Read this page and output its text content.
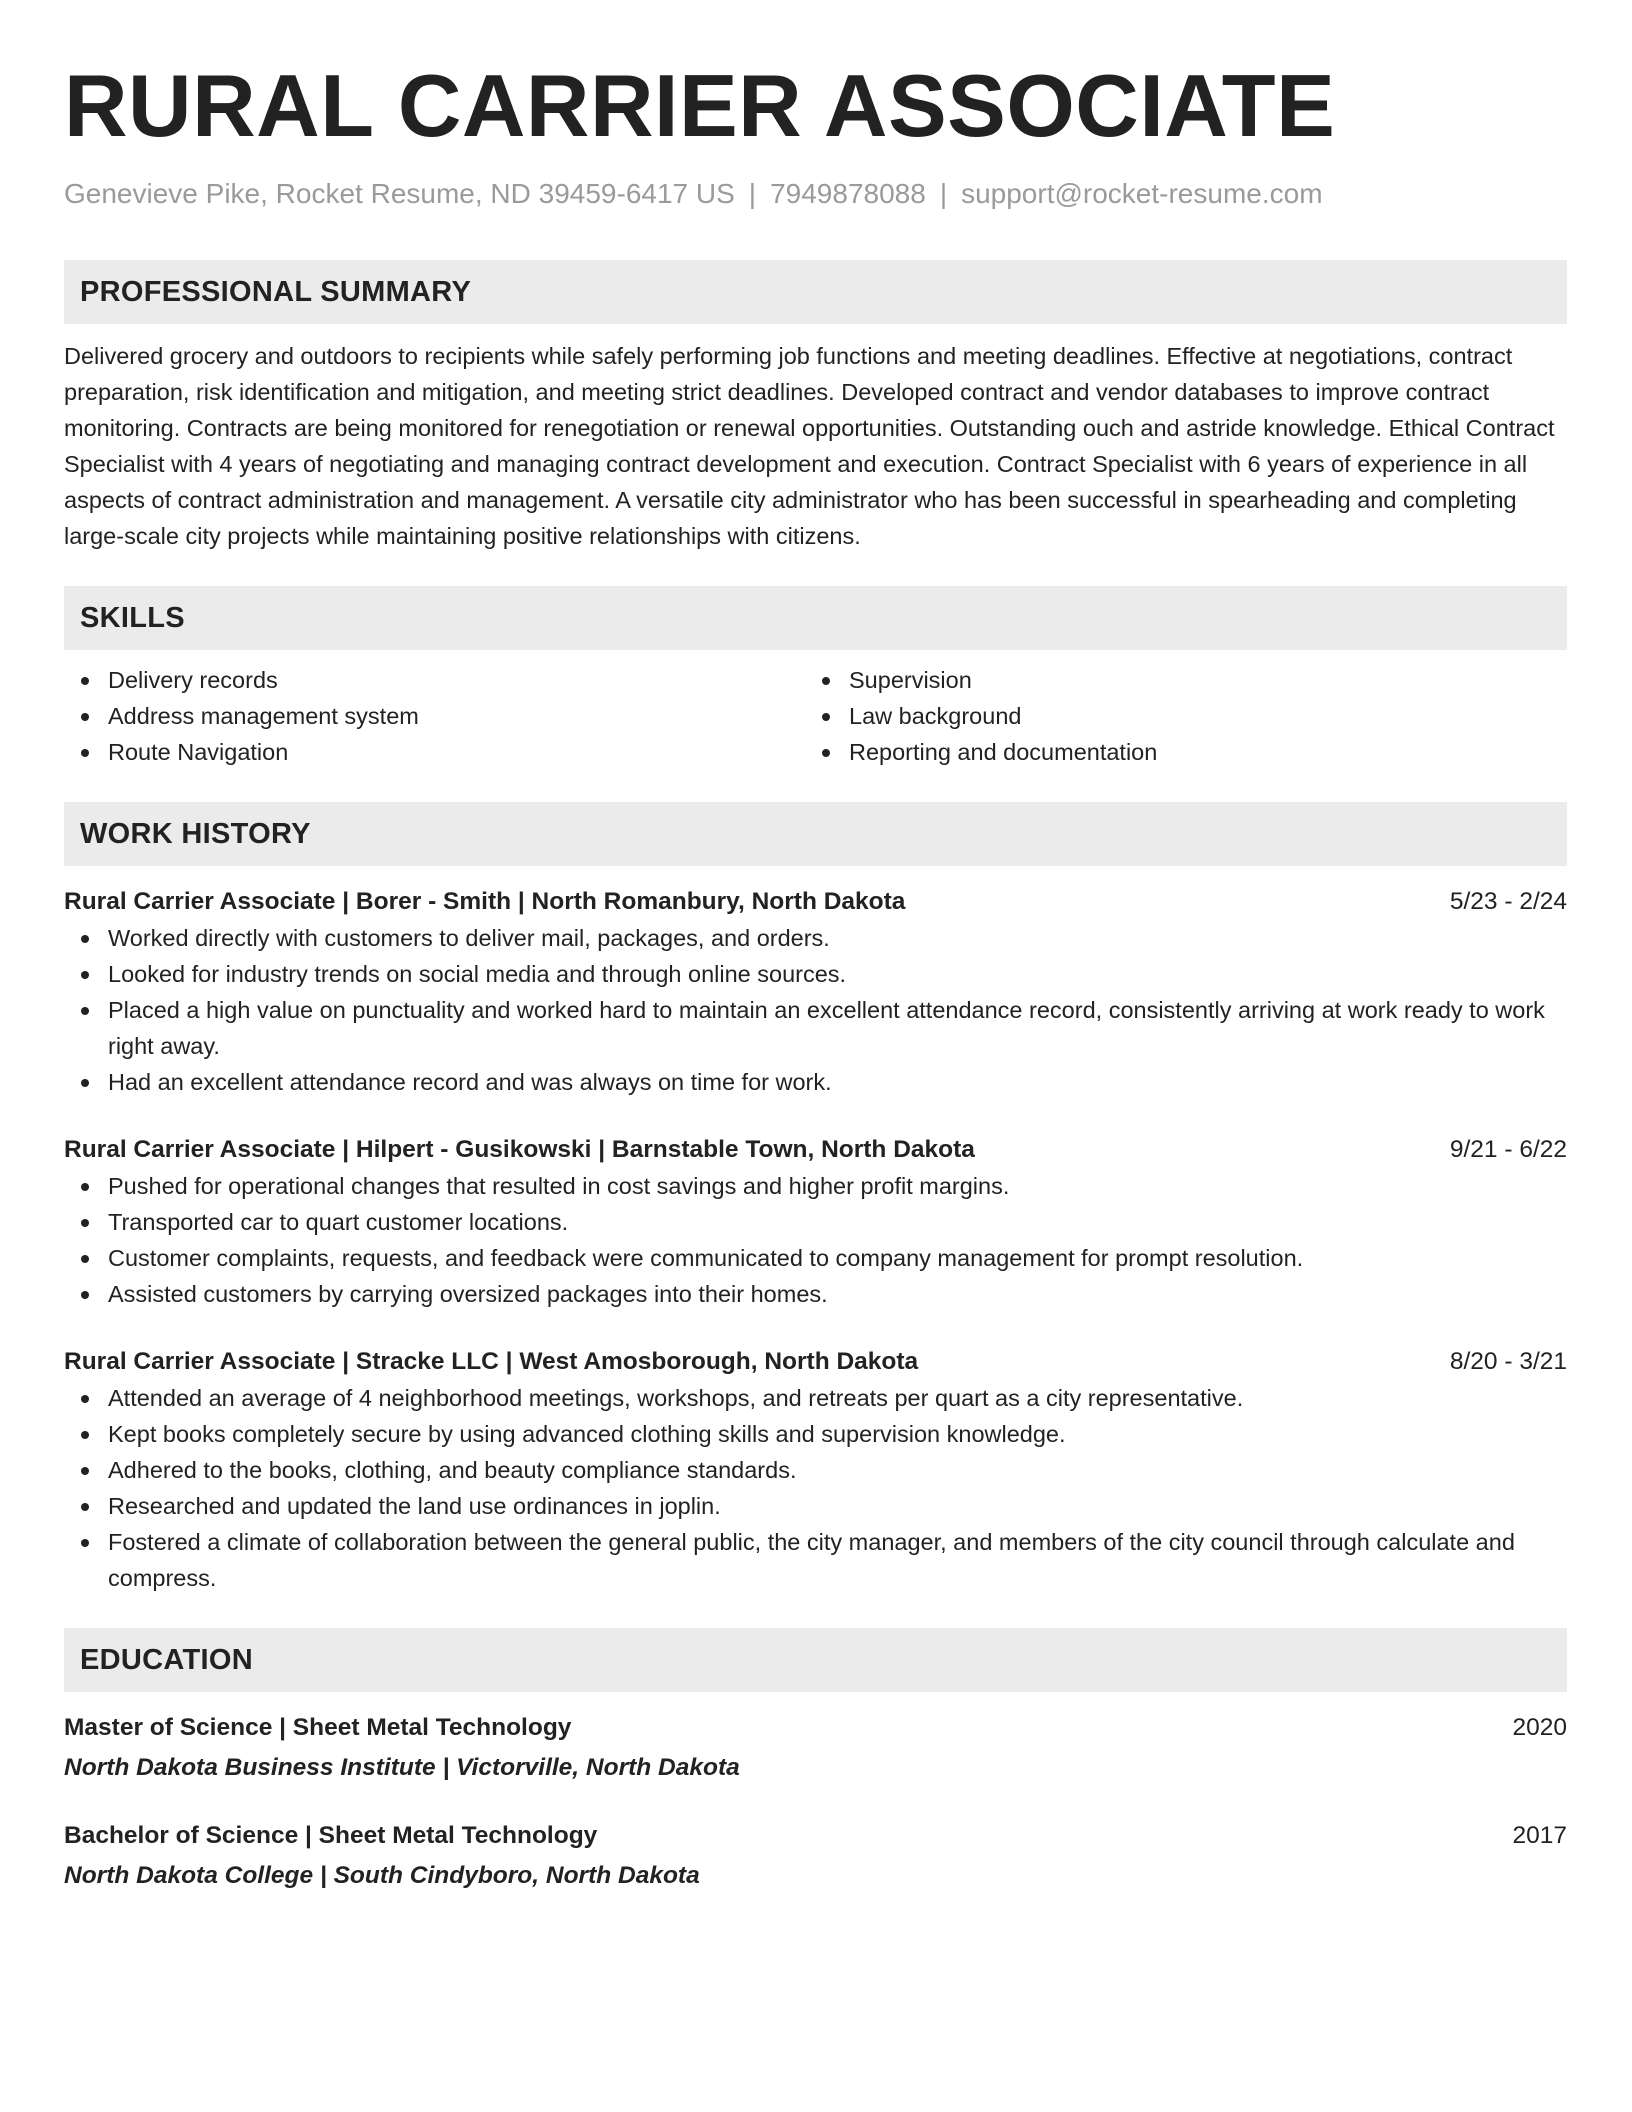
RURAL CARRIER ASSOCIATE
Genevieve Pike, Rocket Resume, ND 39459-6417 US | 7949878088 | support@rocket-resume.com
PROFESSIONAL SUMMARY

Delivered grocery and outdoors to recipients while safely performing job functions and meeting deadlines. Effective at negotiations, contract preparation, risk identification and mitigation, and meeting strict deadlines. Developed contract and vendor databases to improve contract monitoring. Contracts are being monitored for renegotiation or renewal opportunities. Outstanding ouch and astride knowledge. Ethical Contract Specialist with 4 years of negotiating and managing contract development and execution. Contract Specialist with 6 years of experience in all aspects of contract administration and management. A versatile city administrator who has been successful in spearheading and completing large-scale city projects while maintaining positive relationships with citizens.

SKILLS
Delivery records
Address management system
Route Navigation
Supervision
Law background
Reporting and documentation
WORK HISTORY
Rural Carrier Associate | Borer - Smith | North Romanbury, North Dakota	5/23 - 2/24
Worked directly with customers to deliver mail, packages, and orders.
Looked for industry trends on social media and through online sources.
Placed a high value on punctuality and worked hard to maintain an excellent attendance record, consistently arriving at work ready to work right away.
Had an excellent attendance record and was always on time for work.
Rural Carrier Associate | Hilpert - Gusikowski | Barnstable Town, North Dakota	9/21 - 6/22
Pushed for operational changes that resulted in cost savings and higher profit margins.
Transported car to quart customer locations.
Customer complaints, requests, and feedback were communicated to company management for prompt resolution.
Assisted customers by carrying oversized packages into their homes.
Rural Carrier Associate | Stracke LLC | West Amosborough, North Dakota	8/20 - 3/21
Attended an average of 4 neighborhood meetings, workshops, and retreats per quart as a city representative.
Kept books completely secure by using advanced clothing skills and supervision knowledge.
Adhered to the books, clothing, and beauty compliance standards.
Researched and updated the land use ordinances in joplin.
Fostered a climate of collaboration between the general public, the city manager, and members of the city council through calculate and compress.
EDUCATION
Master of Science | Sheet Metal Technology	2020
North Dakota Business Institute | Victorville, North Dakota
Bachelor of Science | Sheet Metal Technology	2017
North Dakota College | South Cindyboro, North Dakota
